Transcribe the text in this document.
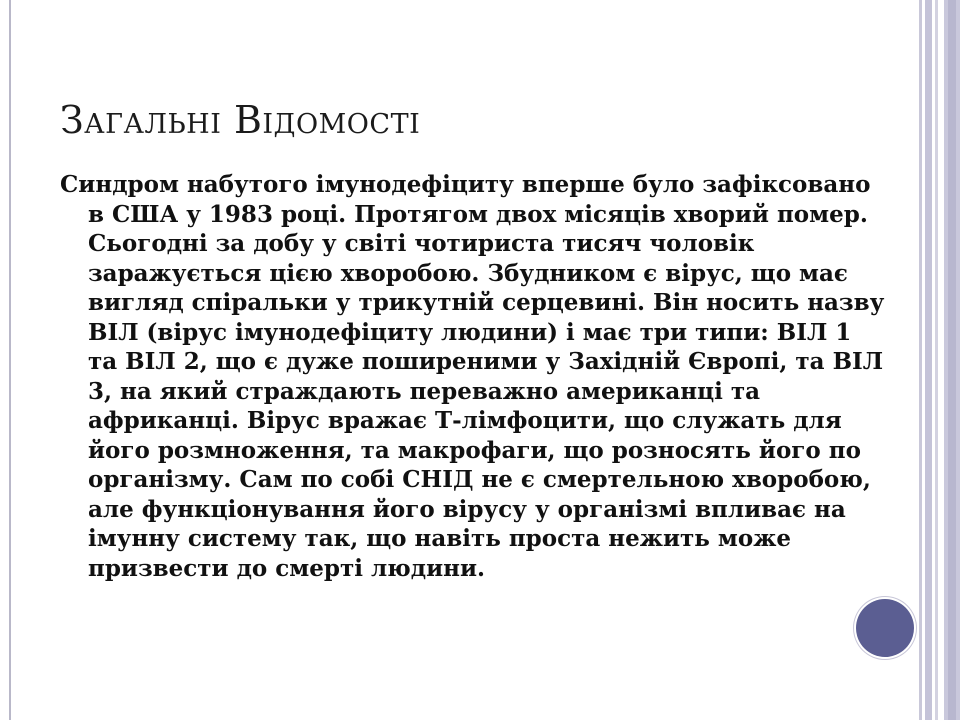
Загальні Відомості

Синдром набутого імунодефіциту вперше було зафіксовано в США у 1983 році. Протягом двох місяців хворий помер. Сьогодні за добу у світі чотириста тисяч чоловік заражується цією хворобою. Збудником є вірус, що має вигляд спіральки у трикутній серцевині. Він носить назву ВІЛ (вірус імунодефіциту людини) і має три типи: ВІЛ 1 та ВІЛ 2, що є дуже поширеними у Західній Європі, та ВІЛ 3, на який страждають переважно американці та африканці. Вірус вражає Т-лімфоцити, що служать для його розмноження, та макрофаги, що розносять його по організму. Сам по собі СНІД не є смертельною хворобою, але функціонування його вірусу у організмі впливає на імунну систему так, що навіть проста нежить може призвести до смерті людини.
